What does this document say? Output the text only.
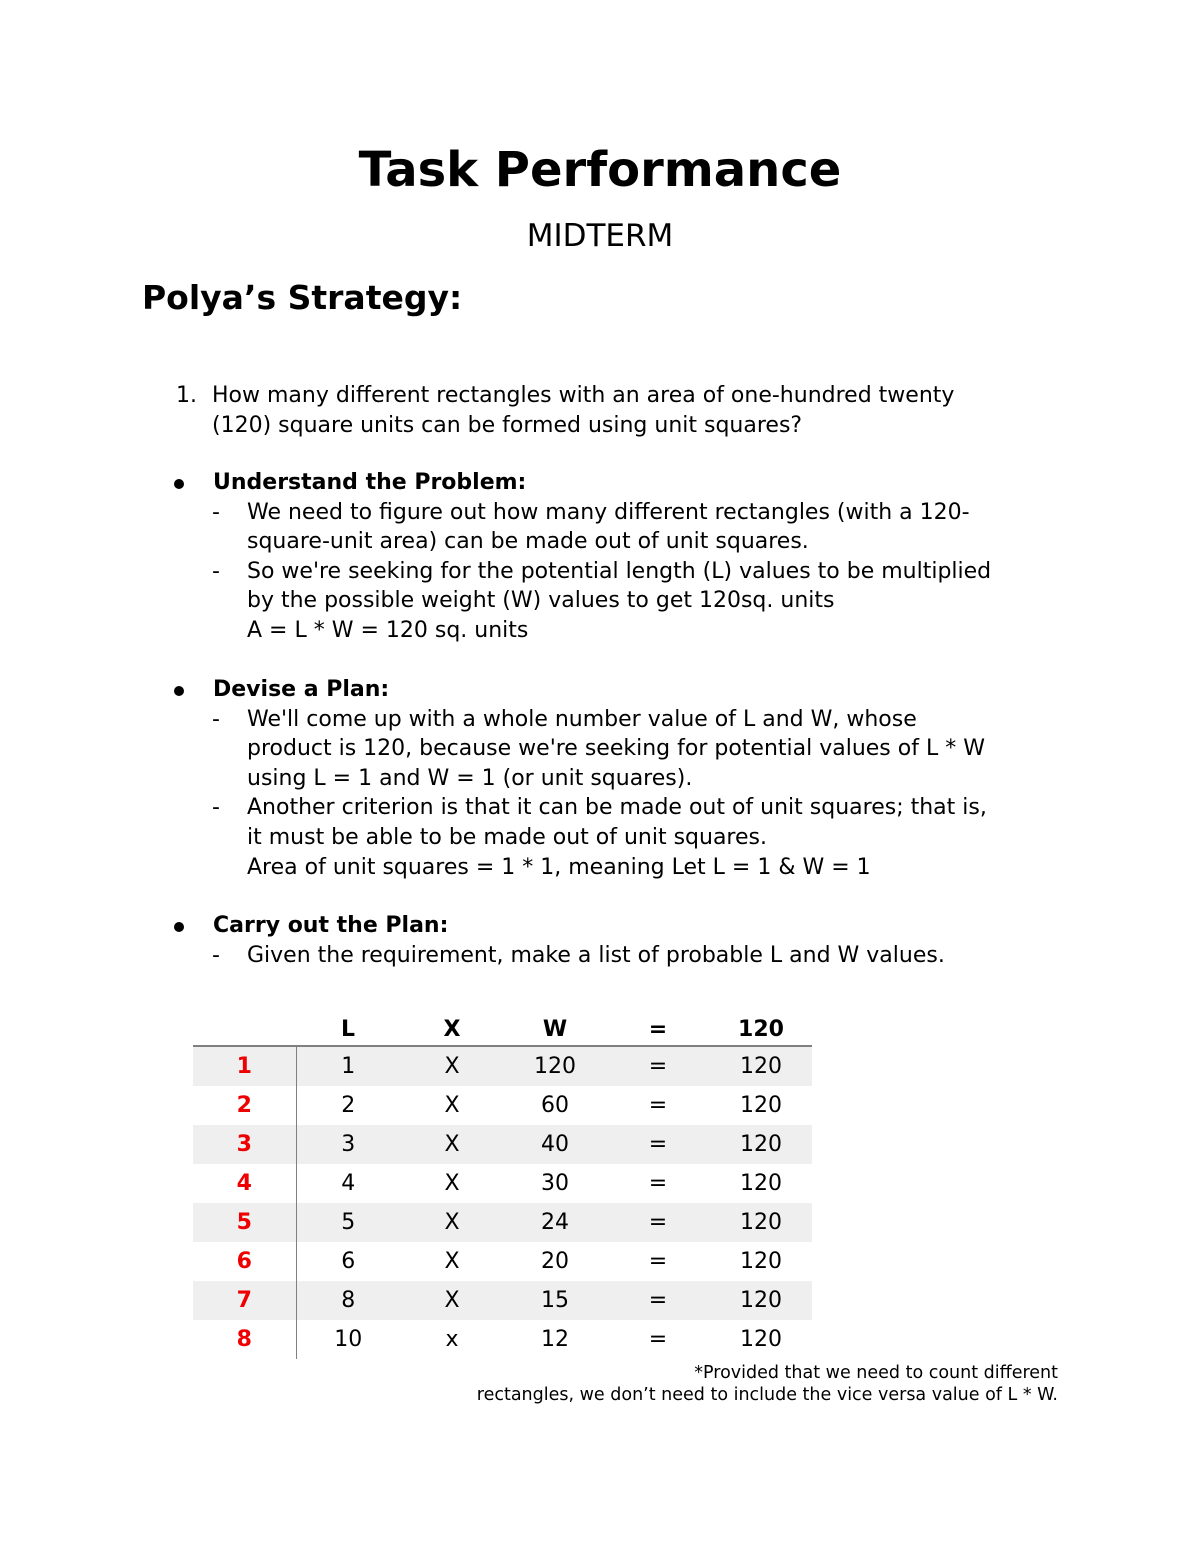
Task Performance
MIDTERM
Polya’s Strategy:
1. How many different rectangles with an area of one-hundred twenty
(120) square units can be formed using unit squares?
Understand the Problem:
- We need to figure out how many different rectangles (with a 120-
square-unit area) can be made out of unit squares.
- So we're seeking for the potential length (L) values to be multiplied
by the possible weight (W) values to get 120sq. units
A = L * W = 120 sq. units
Devise a Plan:
- We'll come up with a whole number value of L and W, whose
product is 120, because we're seeking for potential values of L * W
using L = 1 and W = 1 (or unit squares).
- Another criterion is that it can be made out of unit squares; that is,
it must be able to be made out of unit squares.
Area of unit squares = 1 * 1, meaning Let L = 1 & W = 1
Carry out the Plan:
- Given the requirement, make a list of probable L and W values.
	L	X	W	=	120
1	1	X	120	=	120
2	2	X	60	=	120
3	3	X	40	=	120
4	4	X	30	=	120
5	5	X	24	=	120
6	6	X	20	=	120
7	8	X	15	=	120
8	10	x	12	=	120
*Provided that we need to count different
rectangles, we don’t need to include the vice versa value of L * W.
